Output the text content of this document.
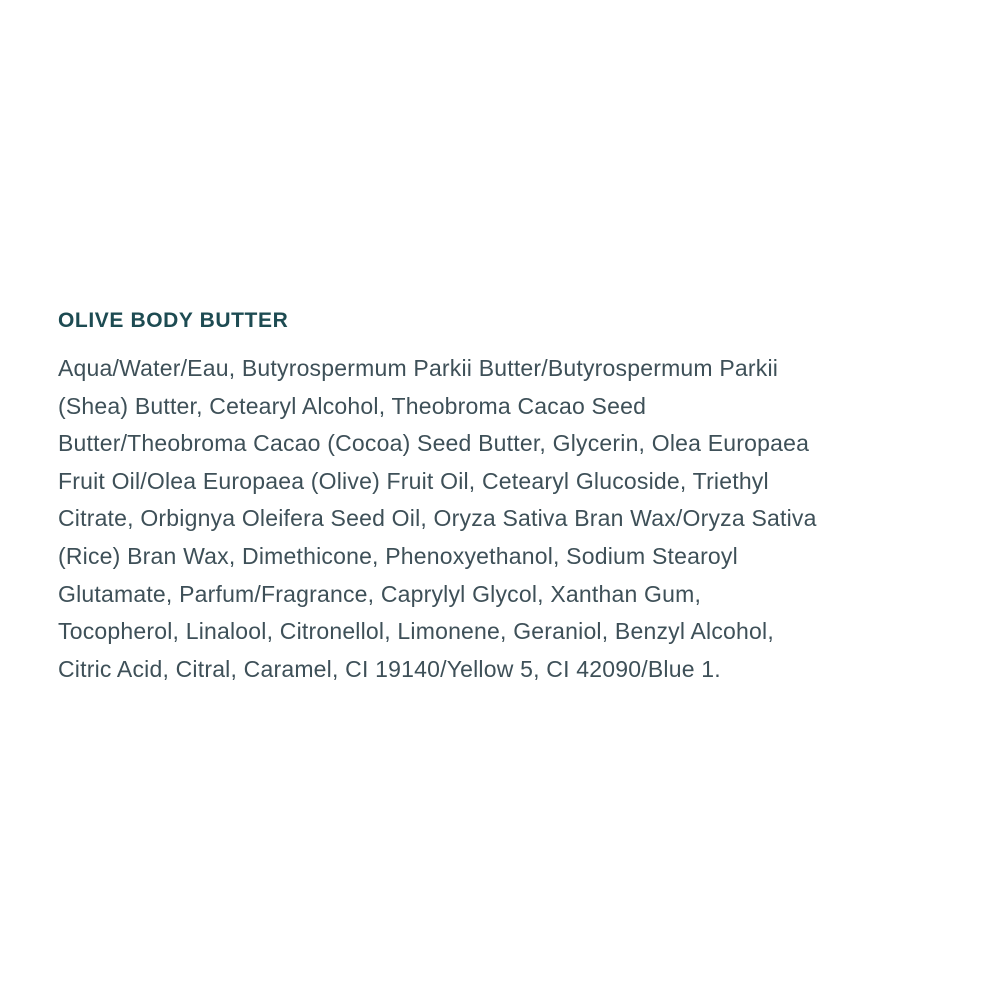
OLIVE BODY BUTTER
Aqua/Water/Eau, Butyrospermum Parkii Butter/Butyrospermum Parkii
(Shea) Butter, Cetearyl Alcohol, Theobroma Cacao Seed
Butter/Theobroma Cacao (Cocoa) Seed Butter, Glycerin, Olea Europaea
Fruit Oil/Olea Europaea (Olive) Fruit Oil, Cetearyl Glucoside, Triethyl
Citrate, Orbignya Oleifera Seed Oil, Oryza Sativa Bran Wax/Oryza Sativa
(Rice) Bran Wax, Dimethicone, Phenoxyethanol, Sodium Stearoyl
Glutamate, Parfum/Fragrance, Caprylyl Glycol, Xanthan Gum,
Tocopherol, Linalool, Citronellol, Limonene, Geraniol, Benzyl Alcohol,
Citric Acid, Citral, Caramel, CI 19140/Yellow 5, CI 42090/Blue 1.
